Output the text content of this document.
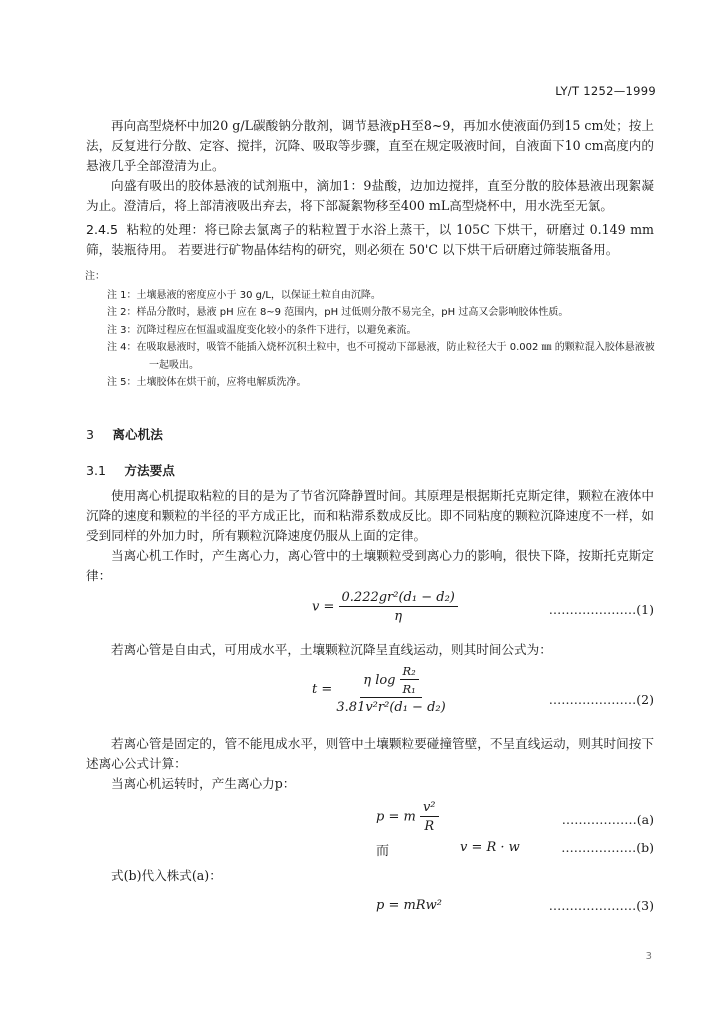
LY/T 1252—1999

再向高型烧杯中加20 g/L碳酸钠分散剂，调节悬液pH至8~9，再加水使液面仍到15 cm处；按上法，反复进行分散、定容、搅拌，沉降、吸取等步骤，直至在规定吸液时间，自液面下10 cm高度内的悬液几乎全部澄清为止。

向盛有吸出的胶体悬液的试剂瓶中，滴加1：9盐酸，边加边搅拌，直至分散的胶体悬液出现絮凝为止。澄清后，将上部清液吸出弃去，将下部凝絮物移至400 mL高型烧杯中，用水洗至无氯。

2.4.5 粘粒的处理：将已除去氯离子的粘粒置于水浴上蒸干，以 105C 下烘干，研磨过 0.149 mm 筛，装瓶待用。 若要进行矿物晶体结构的研究，则必须在 50'C 以下烘干后研磨过筛装瓶备用。
注：

注 1：土壤悬液的密度应小于 30 g/L，以保证土粒自由沉降。

注 2：样品分散时，悬液 pH 应在 8~9 范围内，pH 过低则分散不易完全，pH 过高又会影响胶体性质。

注 3：沉降过程应在恒温或温度变化较小的条件下进行，以避免紊流。

注 4：在吸取悬液时，吸管不能插入烧杯沉积土粒中，也不可搅动下部悬液，防止粒径大于 0.002 ㎜ 的颗粒混入胶体悬液被一起吸出。

注 5：土壤胶体在烘干前，应将电解质洗净。

3 离心机法
3.1 方法要点

使用离心机提取粘粒的目的是为了节省沉降静置时间。其原理是根据斯托克斯定律，颗粒在液体中沉降的速度和颗粒的半径的平方成正比，而和粘滞系数成反比。即不同粘度的颗粒沉降速度不一样，如受到同样的外加力时，所有颗粒沉降速度仍服从上面的定律。

当离心机工作时，产生离心力，离心管中的土壤颗粒受到离心力的影响，很快下降，按斯托克斯定律：

$v = \frac{\text{0.222gr²(d₁ − d₂)}}{\eta}$	…………………(1)

若离心管是自由式，可用成水平，土壤颗粒沉降呈直线运动，则其时间公式为：

$t = \frac{\eta \log \frac{\text{R₂}}{\text{R₁}}}{\text{3.81v²r²(d₁ − d₂)}}$	…………………(2)

若离心管是固定的，管不能甩成水平，则管中土壤颗粒要碰撞管壁，不呈直线运动，则其时间按下述离心公式计算：

当离心机运转时，产生离心力p：

p = m $\frac{\text{v²}}{R}$	………………(a)
而	v = R · w	………………(b)

式(b)代入株式(a)：

p = mRw²	…………………(3)
3
